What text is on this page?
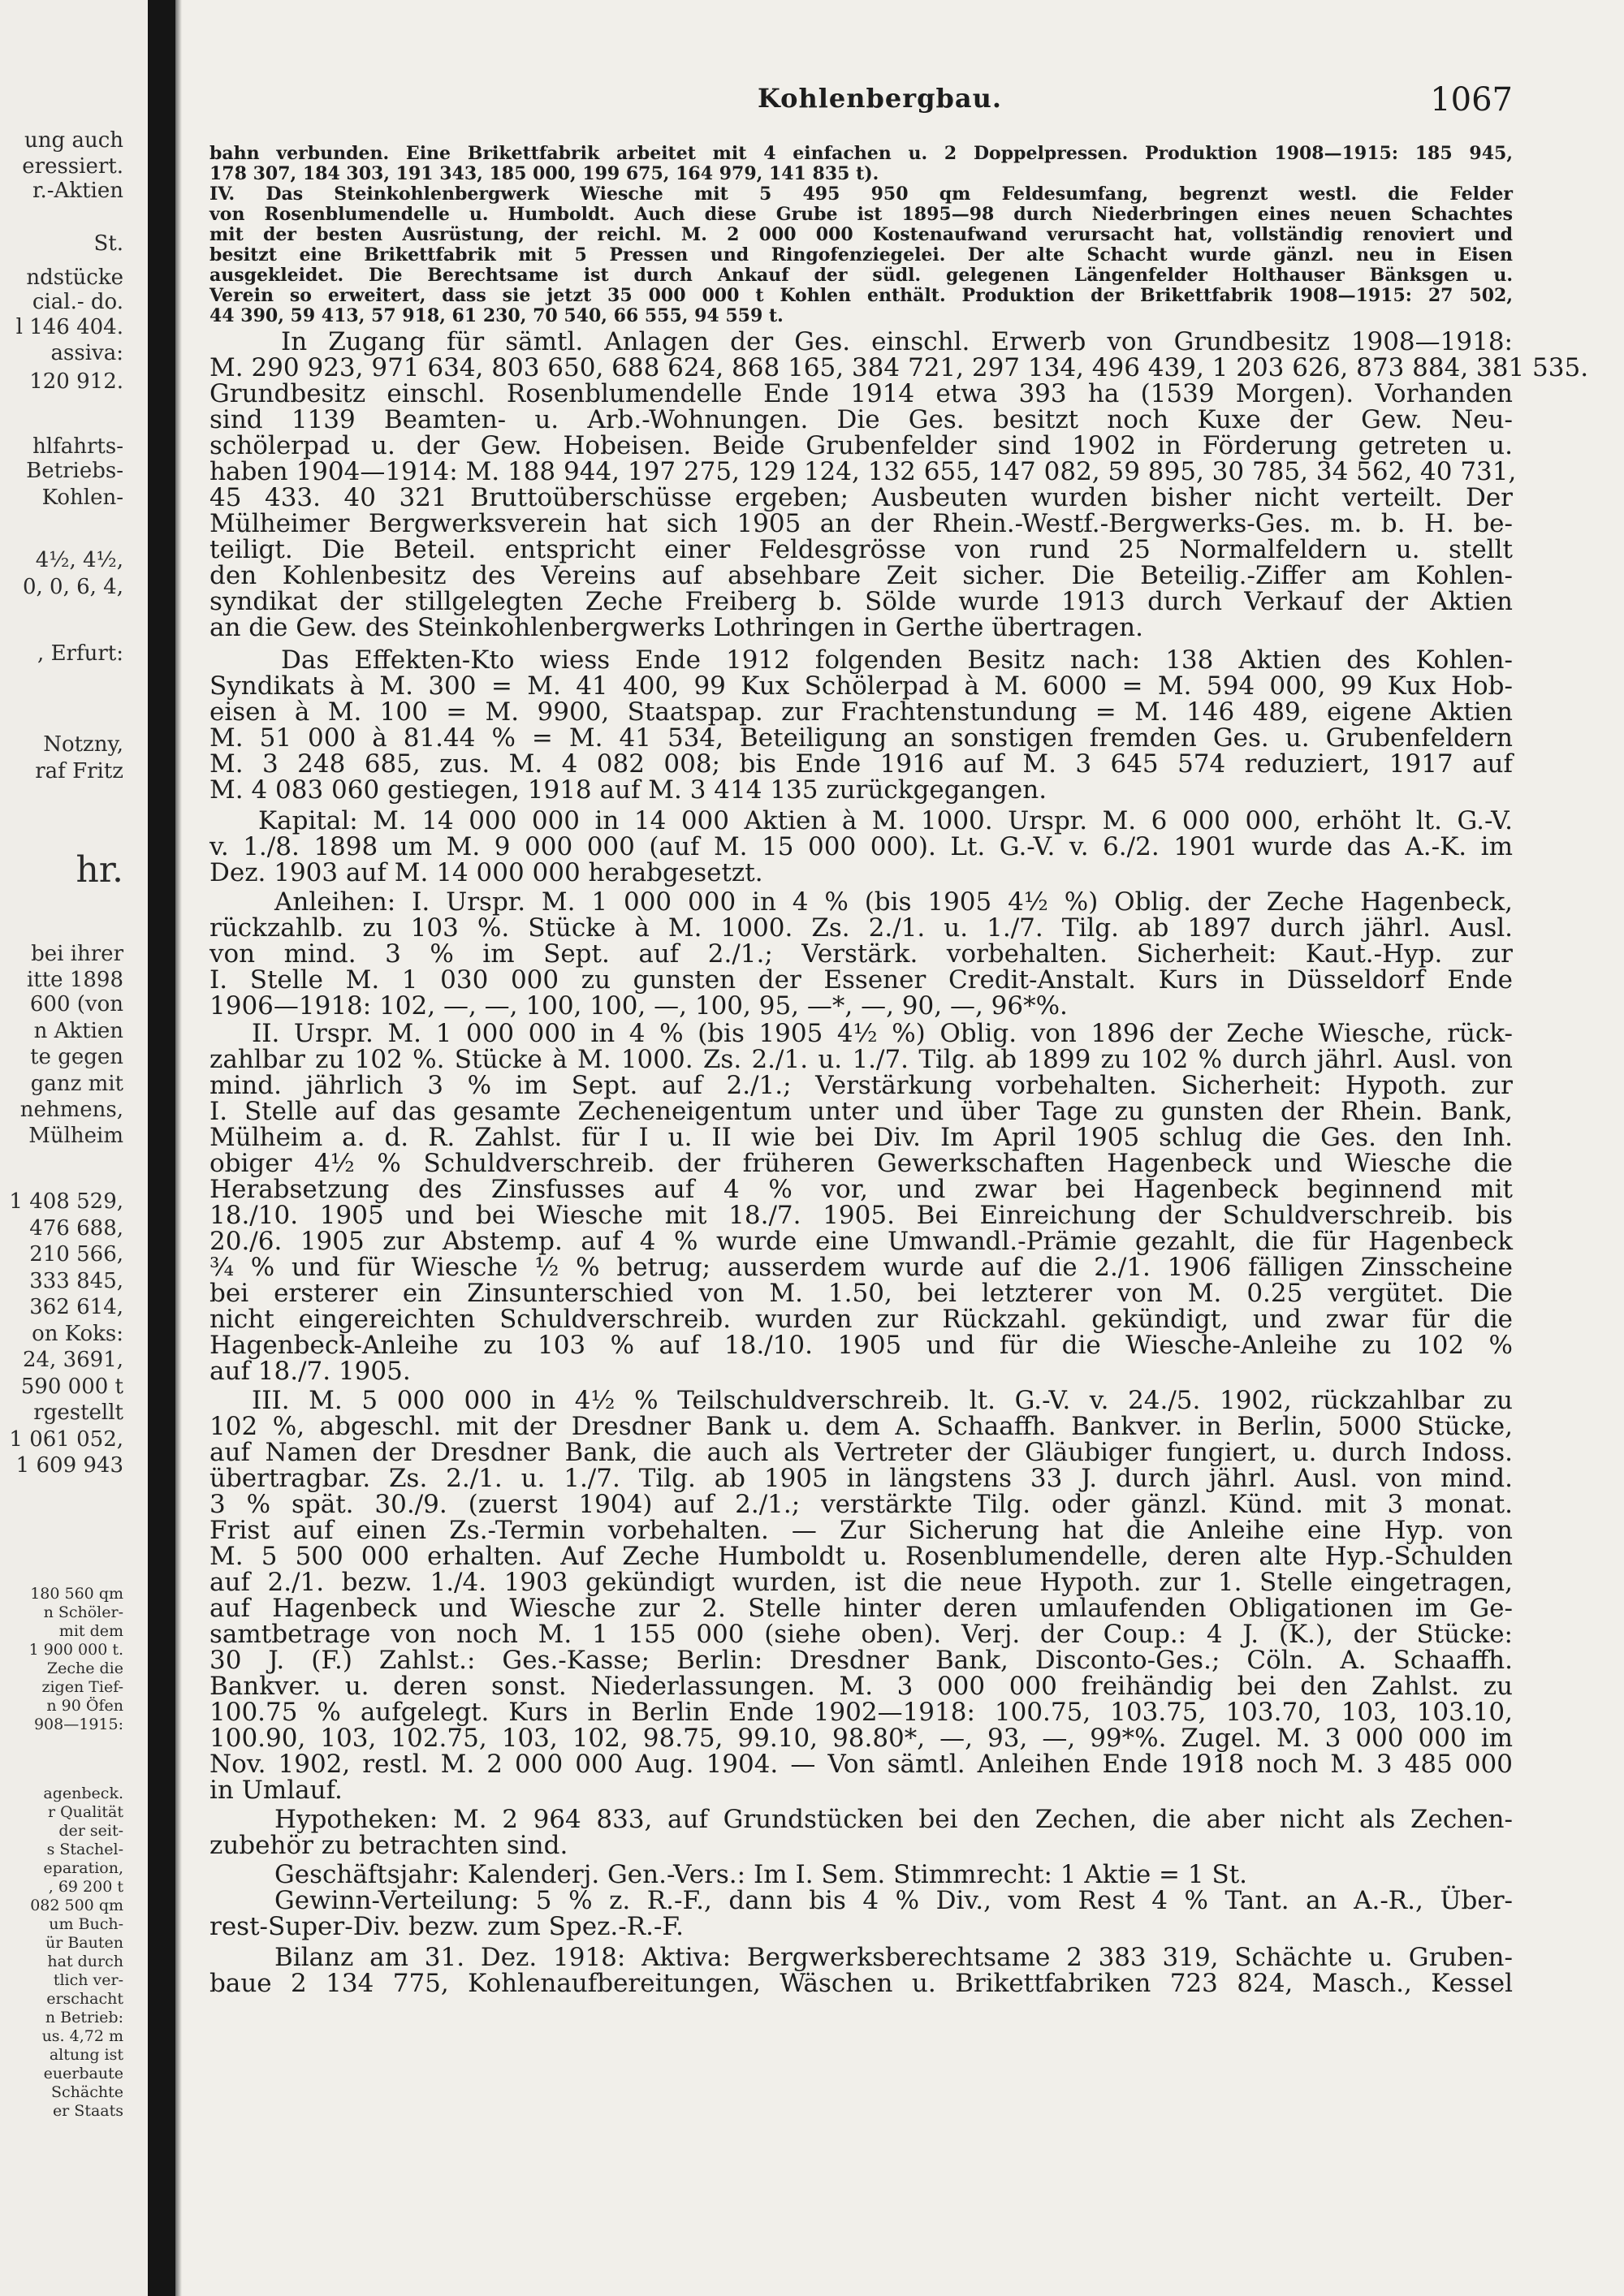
ung auch
eressiert.
r.-Aktien
St.
ndstücke
cial.- do.
l 146 404.
assiva:
120 912.
hlfahrts-
Betriebs-
Kohlen-
4½, 4½,
0, 0, 6, 4,
, Erfurt:
Notzny,
raf Fritz
hr.
bei ihrer
itte 1898
600 (von
n Aktien
te gegen
ganz mit
nehmens,
Mülheim
1 408 529,
476 688,
210 566,
333 845,
362 614,
on Koks:
24, 3691,
590 000 t
rgestellt
1 061 052,
1 609 943
180 560 qm
n Schöler-
mit dem
1 900 000 t.
Zeche die
zigen Tief-
n 90 Öfen
908—1915:
agenbeck.
r Qualität
der seit-
s Stachel-
eparation,
, 69 200 t
082 500 qm
um Buch-
ür Bauten
hat durch
tlich ver-
erschacht
n Betrieb:
us. 4,72 m
altung ist
euerbaute
Schächte
er Staats
Kohlenbergbau.	1067
bahn verbunden. Eine Brikettfabrik arbeitet mit 4 einfachen u. 2 Doppelpressen. Produktion 1908—1915: 185 945,
178 307, 184 303, 191 343, 185 000, 199 675, 164 979, 141 835 t).
IV. Das Steinkohlenbergwerk Wiesche mit 5 495 950 qm Feldesumfang, begrenzt westl. die Felder
von Rosenblumendelle u. Humboldt. Auch diese Grube ist 1895—98 durch Niederbringen eines neuen Schachtes
mit der besten Ausrüstung, der reichl. M. 2 000 000 Kostenaufwand verursacht hat, vollständig renoviert und
besitzt eine Brikettfabrik mit 5 Pressen und Ringofenziegelei. Der alte Schacht wurde gänzl. neu in Eisen
ausgekleidet. Die Berechtsame ist durch Ankauf der südl. gelegenen Längenfelder Holthauser Bänksgen u.
Verein so erweitert, dass sie jetzt 35 000 000 t Kohlen enthält. Produktion der Brikettfabrik 1908—1915: 27 502,
44 390, 59 413, 57 918, 61 230, 70 540, 66 555, 94 559 t.
In Zugang für sämtl. Anlagen der Ges. einschl. Erwerb von Grundbesitz 1908—1918:
M. 290 923, 971 634, 803 650, 688 624, 868 165, 384 721, 297 134, 496 439, 1 203 626, 873 884, 381 535.
Grundbesitz einschl. Rosenblumendelle Ende 1914 etwa 393 ha (1539 Morgen). Vorhanden
sind 1139 Beamten- u. Arb.-Wohnungen. Die Ges. besitzt noch Kuxe der Gew. Neu-
schölerpad u. der Gew. Hobeisen. Beide Grubenfelder sind 1902 in Förderung getreten u.
haben 1904—1914: M. 188 944, 197 275, 129 124, 132 655, 147 082, 59 895, 30 785, 34 562, 40 731,
45 433. 40 321 Bruttoüberschüsse ergeben; Ausbeuten wurden bisher nicht verteilt. Der
Mülheimer Bergwerksverein hat sich 1905 an der Rhein.-Westf.-Bergwerks-Ges. m. b. H. be-
teiligt. Die Beteil. entspricht einer Feldesgrösse von rund 25 Normalfeldern u. stellt
den Kohlenbesitz des Vereins auf absehbare Zeit sicher. Die Beteilig.-Ziffer am Kohlen-
syndikat der stillgelegten Zeche Freiberg b. Sölde wurde 1913 durch Verkauf der Aktien
an die Gew. des Steinkohlenbergwerks Lothringen in Gerthe übertragen.
Das Effekten-Kto wiess Ende 1912 folgenden Besitz nach: 138 Aktien des Kohlen-
Syndikats à M. 300 = M. 41 400, 99 Kux Schölerpad à M. 6000 = M. 594 000, 99 Kux Hob-
eisen à M. 100 = M. 9900, Staatspap. zur Frachtenstundung = M. 146 489, eigene Aktien
M. 51 000 à 81.44 % = M. 41 534, Beteiligung an sonstigen fremden Ges. u. Grubenfeldern
M. 3 248 685, zus. M. 4 082 008; bis Ende 1916 auf M. 3 645 574 reduziert, 1917 auf
M. 4 083 060 gestiegen, 1918 auf M. 3 414 135 zurückgegangen.
Kapital: M. 14 000 000 in 14 000 Aktien à M. 1000. Urspr. M. 6 000 000, erhöht lt. G.-V.
v. 1./8. 1898 um M. 9 000 000 (auf M. 15 000 000). Lt. G.-V. v. 6./2. 1901 wurde das A.-K. im
Dez. 1903 auf M. 14 000 000 herabgesetzt.
Anleihen: I. Urspr. M. 1 000 000 in 4 % (bis 1905 4½ %) Oblig. der Zeche Hagenbeck,
rückzahlb. zu 103 %. Stücke à M. 1000. Zs. 2./1. u. 1./7. Tilg. ab 1897 durch jährl. Ausl.
von mind. 3 % im Sept. auf 2./1.; Verstärk. vorbehalten. Sicherheit: Kaut.-Hyp. zur
I. Stelle M. 1 030 000 zu gunsten der Essener Credit-Anstalt. Kurs in Düsseldorf Ende
1906—1918: 102, —, —, 100, 100, —, 100, 95, —*, —, 90, —, 96*%.
II. Urspr. M. 1 000 000 in 4 % (bis 1905 4½ %) Oblig. von 1896 der Zeche Wiesche, rück-
zahlbar zu 102 %. Stücke à M. 1000. Zs. 2./1. u. 1./7. Tilg. ab 1899 zu 102 % durch jährl. Ausl. von
mind. jährlich 3 % im Sept. auf 2./1.; Verstärkung vorbehalten. Sicherheit: Hypoth. zur
I. Stelle auf das gesamte Zecheneigentum unter und über Tage zu gunsten der Rhein. Bank,
Mülheim a. d. R. Zahlst. für I u. II wie bei Div. Im April 1905 schlug die Ges. den Inh.
obiger 4½ % Schuldverschreib. der früheren Gewerkschaften Hagenbeck und Wiesche die
Herabsetzung des Zinsfusses auf 4 % vor, und zwar bei Hagenbeck beginnend mit
18./10. 1905 und bei Wiesche mit 18./7. 1905. Bei Einreichung der Schuldverschreib. bis
20./6. 1905 zur Abstemp. auf 4 % wurde eine Umwandl.-Prämie gezahlt, die für Hagenbeck
¾ % und für Wiesche ½ % betrug; ausserdem wurde auf die 2./1. 1906 fälligen Zinsscheine
bei ersterer ein Zinsunterschied von M. 1.50, bei letzterer von M. 0.25 vergütet. Die
nicht eingereichten Schuldverschreib. wurden zur Rückzahl. gekündigt, und zwar für die
Hagenbeck-Anleihe zu 103 % auf 18./10. 1905 und für die Wiesche-Anleihe zu 102 %
auf 18./7. 1905.
III. M. 5 000 000 in 4½ % Teilschuldverschreib. lt. G.-V. v. 24./5. 1902, rückzahlbar zu
102 %, abgeschl. mit der Dresdner Bank u. dem A. Schaaffh. Bankver. in Berlin, 5000 Stücke,
auf Namen der Dresdner Bank, die auch als Vertreter der Gläubiger fungiert, u. durch Indoss.
übertragbar. Zs. 2./1. u. 1./7. Tilg. ab 1905 in längstens 33 J. durch jährl. Ausl. von mind.
3 % spät. 30./9. (zuerst 1904) auf 2./1.; verstärkte Tilg. oder gänzl. Künd. mit 3 monat.
Frist auf einen Zs.-Termin vorbehalten. — Zur Sicherung hat die Anleihe eine Hyp. von
M. 5 500 000 erhalten. Auf Zeche Humboldt u. Rosenblumendelle, deren alte Hyp.-Schulden
auf 2./1. bezw. 1./4. 1903 gekündigt wurden, ist die neue Hypoth. zur 1. Stelle eingetragen,
auf Hagenbeck und Wiesche zur 2. Stelle hinter deren umlaufenden Obligationen im Ge-
samtbetrage von noch M. 1 155 000 (siehe oben). Verj. der Coup.: 4 J. (K.), der Stücke:
30 J. (F.) Zahlst.: Ges.-Kasse; Berlin: Dresdner Bank, Disconto-Ges.; Cöln. A. Schaaffh.
Bankver. u. deren sonst. Niederlassungen. M. 3 000 000 freihändig bei den Zahlst. zu
100.75 % aufgelegt. Kurs in Berlin Ende 1902—1918: 100.75, 103.75, 103.70, 103, 103.10,
100.90, 103, 102.75, 103, 102, 98.75, 99.10, 98.80*, —, 93, —, 99*%. Zugel. M. 3 000 000 im
Nov. 1902, restl. M. 2 000 000 Aug. 1904. — Von sämtl. Anleihen Ende 1918 noch M. 3 485 000
in Umlauf.
Hypotheken: M. 2 964 833, auf Grundstücken bei den Zechen, die aber nicht als Zechen-
zubehör zu betrachten sind.
Geschäftsjahr: Kalenderj. Gen.-Vers.: Im I. Sem. Stimmrecht: 1 Aktie = 1 St.
Gewinn-Verteilung: 5 % z. R.-F., dann bis 4 % Div., vom Rest 4 % Tant. an A.-R., Über-
rest-Super-Div. bezw. zum Spez.-R.-F.
Bilanz am 31. Dez. 1918: Aktiva: Bergwerksberechtsame 2 383 319, Schächte u. Gruben-
baue 2 134 775, Kohlenaufbereitungen, Wäschen u. Brikettfabriken 723 824, Masch., Kessel
